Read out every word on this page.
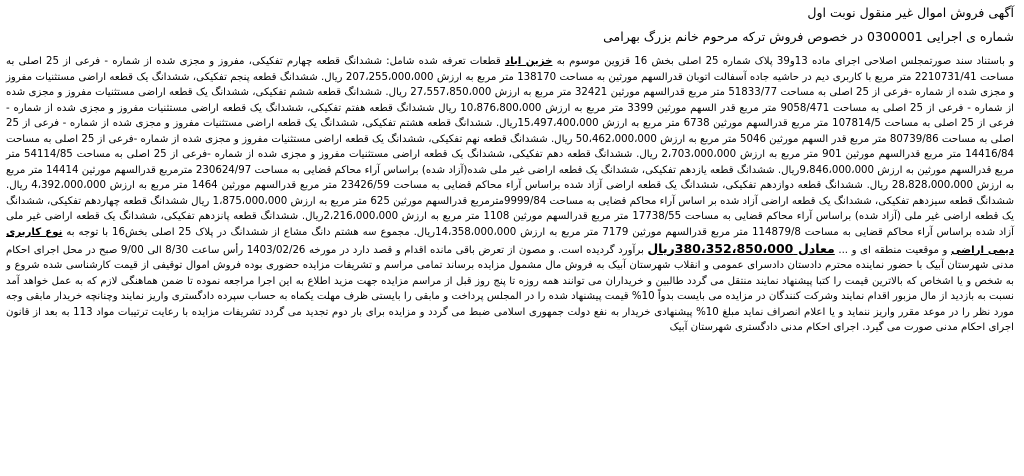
آگهی فروش اموال غیر منقول نوبت اول
شماره ی اجرایی 0300001 در خصوص فروش ترکه مرحوم خانم بزرگ بهرامی

و باستناد سند صورتمجلس اصلاحی اجرای ماده 13و39 پلاک شماره 25 اصلی بخش 16 قزوین موسوم به خزین اباد قطعات تعرفه شده شامل: ششدانگ قطعه چهارم تفکیکی، مفروز و مجزی شده از شماره - فرعی از 25 اصلی به مساحت 2210731/41 متر مربع با کاربری دیم در حاشیه جاده آسفالت اتوبان قدرالسهم مورثین به مساحت 138170 متر مربع به ارزش 207،255،000،000 ریال. ششدانگ قطعه پنجم تفکیکی، ششدانگ یک قطعه اراضی مستثنیات مفروز و مجزی شده از شماره -فرعی از 25 اصلی به مساحت 51833/77 متر مربع قدرالسهم مورثین 32421 متر مربع به ارزش 27،557،850،000 ریال. ششدانگ قطعه ششم تفکیکی، ششدانگ یک قطعه اراضی مستثنیات مفروز و مجزی شده از شماره - فرعی از 25 اصلی به مساحت 9058/471 متر مربع قدر السهم مورثین 3399 متر مربع به ارزش 10،876،800،000 ریال ششدانگ قطعه هفتم تفکیکی، ششدانگ یک قطعه اراضی مستثنیات مفروز و مجزی شده از شماره - فرعی از 25 اصلی به مساحت 107814/5 متر مربع قدرالسهم مورثین 6738 متر مربع به ارزش 15،497،400،000ریال. ششدانگ قطعه هشتم تفکیکی، ششدانگ یک قطعه اراضی مستثنیات مفروز و مجزی شده از شماره - فرعی از 25 اصلی به مساحت 80739/86 متر مربع قدر السهم مورثین 5046 متر مربع به ارزش 50،462،000،000 ریال. ششدانگ قطعه نهم تفکیکی، ششدانگ یک قطعه اراضی مستثنیات مفروز و مجزی شده از شماره -فرعی از 25 اصلی به مساحت 14416/84 متر مربع قدرالسهم مورثین 901 متر مربع به ارزش 2،703،000،000 ریال. ششدانگ قطعه دهم تفکیکی، ششدانگ یک قطعه اراضی مستثنیات مفروز و مجزی شده از شماره -فرعی از 25 اصلی به مساحت 54114/85 متر مربع قدرالسهم مورثین به ارزش 9،846،000،000ریال. ششدانگ قطعه یازدهم تفکیکی، ششدانگ یک قطعه اراضی غیر ملی شده(آزاد شده) براساس آراء محاکم قضایی به مساحت 230624/97 مترمربع قدرالسهم مورثین 14414 متر مربع به ارزش 28،828،000،000 ریال. ششدانگ قطعه دوازدهم تفکیکی، ششدانگ یک قطعه اراضی آزاد شده براساس آراء محاکم قضایی به مساحت 23426/59 متر مربع قدرالسهم مورثین 1464 متر مربع به ارزش 4،392،000،000 ریال. ششدانگ قطعه سیزدهم تفکیکی، ششدانگ یک قطعه اراضی آزاد شده بر اساس آراء محاکم قضایی به مساحت 9999/84مترمربع قدرالسهم مورثین 625 متر مربع به ارزش 1،875،000،000 ریال ششدانگ قطعه چهاردهم تفکیکی، ششدانگ یک قطعه اراضی غیر ملی (آزاد شده) براساس آراء محاکم قضایی به مساحت 17738/55 متر مربع قدرالسهم مورثین 1108 متر مربع به ارزش 2،216،000،000ریال. ششدانگ قطعه پانزدهم تفکیکی، ششدانگ یک قطعه اراضی غیر ملی آزاد شده براساس آراء محاکم قضایی به مساحت 114879/8 متر مربع قدرالسهم مورثین 7179 متر مربع به ارزش 14،358،000،000ریال. مجموع سه هشتم دانگ مشاع از ششدانگ در پلاک 25 اصلی بخش16 با توجه به نوع کاربری دیمی اراضی و موقعیت منطقه ای و ... معادل 380،352،850،000ریال برآورد گردیده است. و مصون از تعرض باقی مانده اقدام و قصد دارد در مورخه 1403/02/26 رأس ساعت 8/30 الی 9/00 صبح در محل اجرای احکام مدنی شهرستان آبیک با حضور نماینده محترم دادستان دادسرای عمومی و انقلاب شهرستان آبیک به فروش مال مشمول مزایده برساند تمامی مراسم و تشریفات مزایده حضوری بوده فروش اموال توقیفی از قیمت کارشناسی شده شروع و به شخص و یا اشخاص که بالاترین قیمت را کتبا پیشنهاد نمایند منتقل می گردد طالبین و خریداران می توانند همه روزه تا پنج روز قبل از مراسم مزایده جهت مزید اطلاع به این اجرا مراجعه نموده تا ضمن هماهنگی لازم که به عمل خواهد آمد نسبت به بازدید از مال مزبور اقدام نمایند وشرکت کنندگان در مزایده می بایست بدواً 10% قیمت پیشنهاد شده را در المجلس پرداخت و مابقی را بایستی ظرف مهلت یکماه به حساب سپرده دادگستری واریز نمایند وچنانچه خریدار مابقی وجه مورد نظر را در موعد مقرر واریز ننماید و یا اعلام انصراف نماید مبلغ 10% پیشنهادی خریدار به نفع دولت جمهوری اسلامی ضبط می گردد و مزایده برای بار دوم تجدید می گردد تشریفات مزایده با رعایت ترتیبات مواد 113 به بعد از قانون اجرای احکام مدنی صورت می گیرد. اجرای احکام مدنی دادگستری شهرستان آبیک
